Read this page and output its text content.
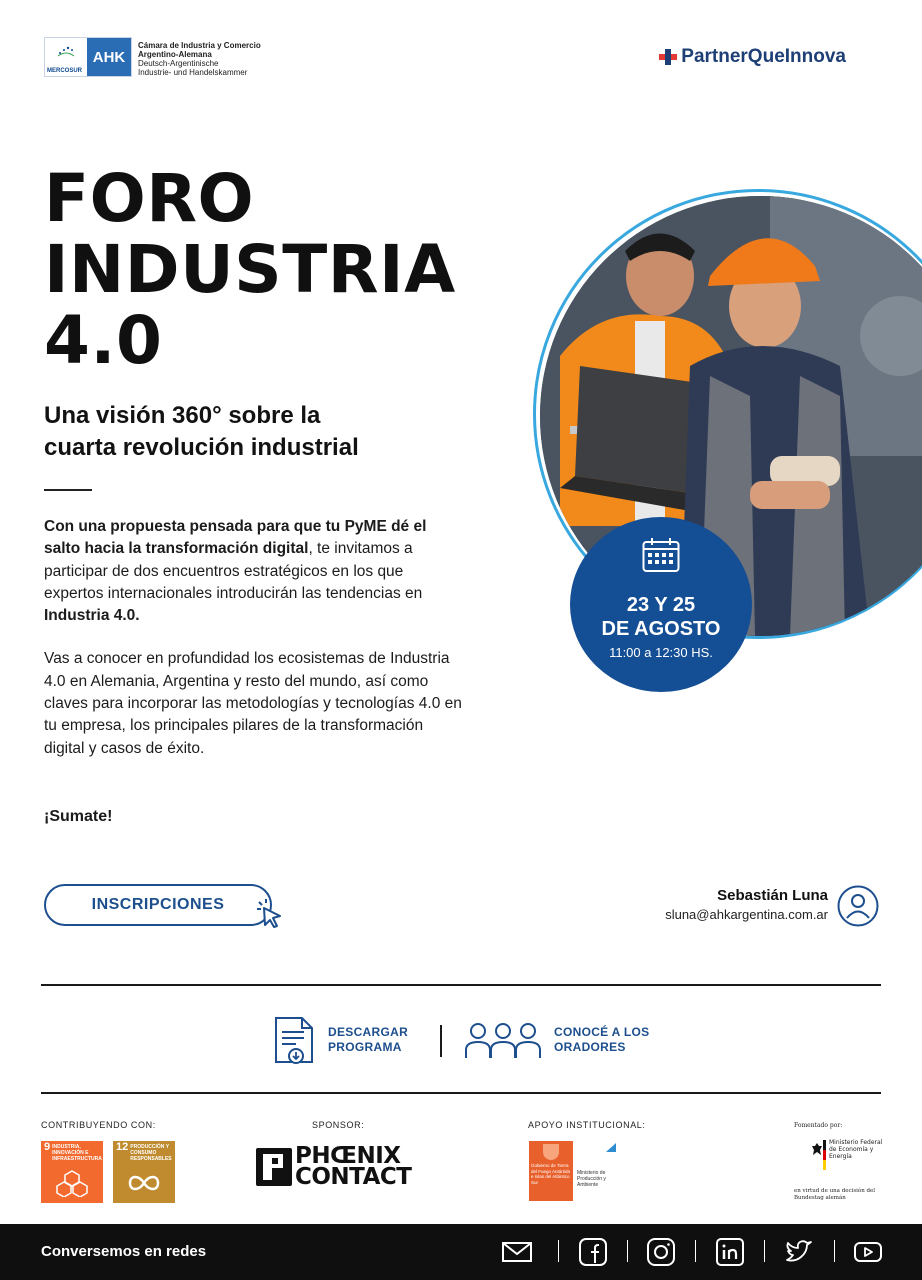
MERCOSUR
AHK
Cámara de Industria y Comercio
Argentino-Alemana
Deutsch-Argentinische
Industrie- und Handelskammer
PartnerQueInnova
FORO
INDUSTRIA
4.0
Una visión 360° sobre la
cuarta revolución industrial

Con una propuesta pensada para que tu PyME dé el salto hacia la transformación digital, te invitamos a participar de dos encuentros estratégicos en los que expertos internacionales introducirán las tendencias en Industria 4.0.

Vas a conocer en profundidad los ecosistemas de Industria 4.0 en Alemania, Argentina y resto del mundo, así como claves para incorporar las metodologías y tecnologías 4.0 en tu empresa, los principales pilares de la transformación digital y casos de éxito.

¡Sumate!
23 Y 25
DE AGOSTO
11:00 a 12:30 HS.
INSCRIPCIONES
Sebastián Luna
sluna@ahkargentina.com.ar
DESCARGAR
PROGRAMA
CONOCÉ A LOS
ORADORES
CONTRIBUYENDO CON:	SPONSOR:	APOYO INSTITUCIONAL:
9 INDUSTRIA, INNOVACIÓN E INFRAESTRUCTURA
12 PRODUCCIÓN Y CONSUMO RESPONSABLES	PHŒNIX
CONTACT	Gobierno de Tierra del Fuego Antártida e Islas del Atlántico Sur
Ministerio de Producción y Ambiente
Fomentado por:
Ministerio Federal de Economía y Energía
en virtud de una decisión del Bundestag alemán
Conversemos en redes
